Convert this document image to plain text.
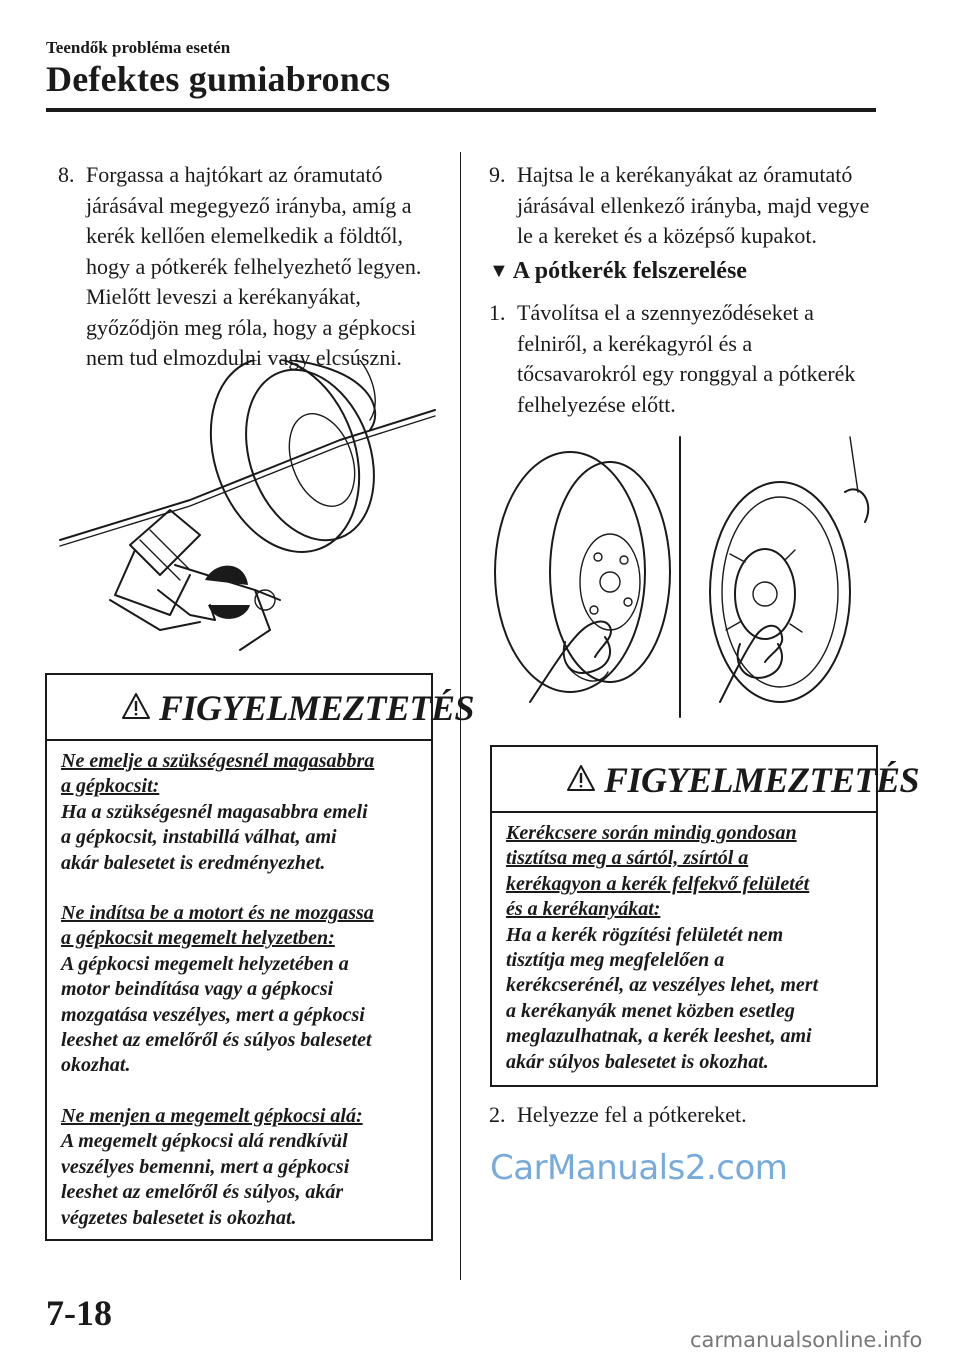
Teendők probléma esetén
Defektes gumiabroncs
8. Forgassa a hajtókart az óramutató
járásával megegyező irányba, amíg a
kerék kellően elemelkedik a földtől,
hogy a pótkerék felhelyezhető legyen.
Mielőtt leveszi a kerékanyákat,
győződjön meg róla, hogy a gépkocsi
nem tud elmozdulni vagy elcsúszni.
FIGYELMEZTETÉS

Ne emelje a szükségesnél magasabbra

a gépkocsit:

Ha a szükségesnél magasabbra emeli

a gépkocsit, instabillá válhat, ami

akár balesetet is eredményezhet.

Ne indítsa be a motort és ne mozgassa

a gépkocsit megemelt helyzetben:

A gépkocsi megemelt helyzetében a

motor beindítása vagy a gépkocsi

mozgatása veszélyes, mert a gépkocsi

leeshet az emelőről és súlyos balesetet

okozhat.

Ne menjen a megemelt gépkocsi alá:

A megemelt gépkocsi alá rendkívül

veszélyes bemenni, mert a gépkocsi

leeshet az emelőről és súlyos, akár

végzetes balesetet is okozhat.

9. Hajtsa le a kerékanyákat az óramutató
járásával ellenkező irányba, majd vegye
le a kereket és a középső kupakot.
▼ A pótkerék felszerelése
1. Távolítsa el a szennyeződéseket a
felniről, a kerékagyról és a
tőcsavarokról egy ronggyal a pótkerék
felhelyezése előtt.
FIGYELMEZTETÉS

Kerékcsere során mindig gondosan

tisztítsa meg a sártól, zsírtól a

kerékagyon a kerék felfekvő felületét

és a kerékanyákat:

Ha a kerék rögzítési felületét nem

tisztítja meg megfelelően a

kerékcserénél, az veszélyes lehet, mert

a kerékanyák menet közben esetleg

meglazulhatnak, a kerék leeshet, ami

akár súlyos balesetet is okozhat.

2. Helyezze fel a pótkereket.
CarManuals2.com
7-18
carmanualsonline.info
